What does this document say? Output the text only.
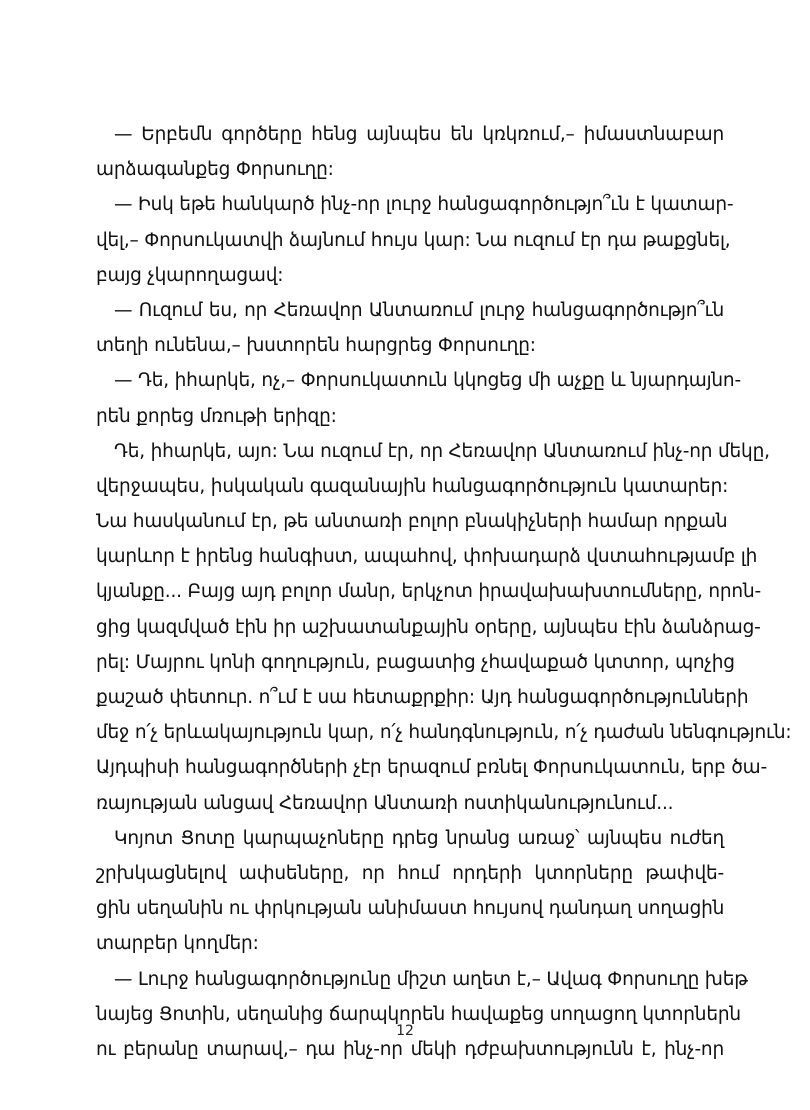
— Երբեմն գործերը հենց այնպես են կռկռում,– իմաստնաբար
արձագանքեց Փորսուղը:
— Իսկ եթե հանկարծ ինչ-որ լուրջ հանցագործությո՞ւն է կատար-
վել,– Փորսուկատվի ձայնում հույս կար: Նա ուզում էր դա թաքցնել,
բայց չկարողացավ:
— Ուզում ես, որ Հեռավոր Անտառում լուրջ հանցագործությո՞ւն
տեղի ունենա,– խստորեն հարցրեց Փորսուղը:
— Դե, իհարկե, ոչ,– Փորսուկատուն կկոցեց մի աչքը և նյարդայնո-
րեն քորեց մռութի երիզը:
Դե, իհարկե, այո: Նա ուզում էր, որ Հեռավոր Անտառում ինչ-որ մեկը,
վերջապես, իսկական գազանային հանցագործություն կատարեր:
Նա հասկանում էր, թե անտառի բոլոր բնակիչների համար որքան
կարևոր է իրենց հանգիստ, ապահով, փոխադարձ վստահությամբ լի
կյանքը... Բայց այդ բոլոր մանր, երկչոտ իրավախախտումները, որոն-
ցից կազմված էին իր աշխատանքային օրերը, այնպես էին ձանձրաց-
րել: Մայրու կոնի գողություն, բացատից չհավաքած կտտոր, պոչից
քաշած փետուր. ո՞ւմ է սա հետաքրքիր: Այդ հանցագործությունների
մեջ ո՛չ երևակայություն կար, ո՛չ հանդգնություն, ո՛չ դաժան նենգություն:
Այդպիսի հանցագործների չէր երազում բռնել Փորսուկատուն, երբ ծա-
ռայության անցավ Հեռավոր Անտառի ոստիկանությունում...
Կոյոտ Ցոտը կարպաչոները դրեց նրանց առաջ՝ այնպես ուժեղ
շրխկացնելով ափսեները, որ հում որդերի կտորները թափվե-
ցին սեղանին ու փրկության անիմաստ հույսով դանդաղ սողացին
տարբեր կողմեր:
— Լուրջ հանցագործությունը միշտ աղետ է,– Ավագ Փորսուղը խեթ
նայեց Ցոտին, սեղանից ճարպկորեն հավաքեց սողացող կտորներն
ու բերանը տարավ,– դա ինչ-որ մեկի դժբախտությունն է, ինչ-որ
12
